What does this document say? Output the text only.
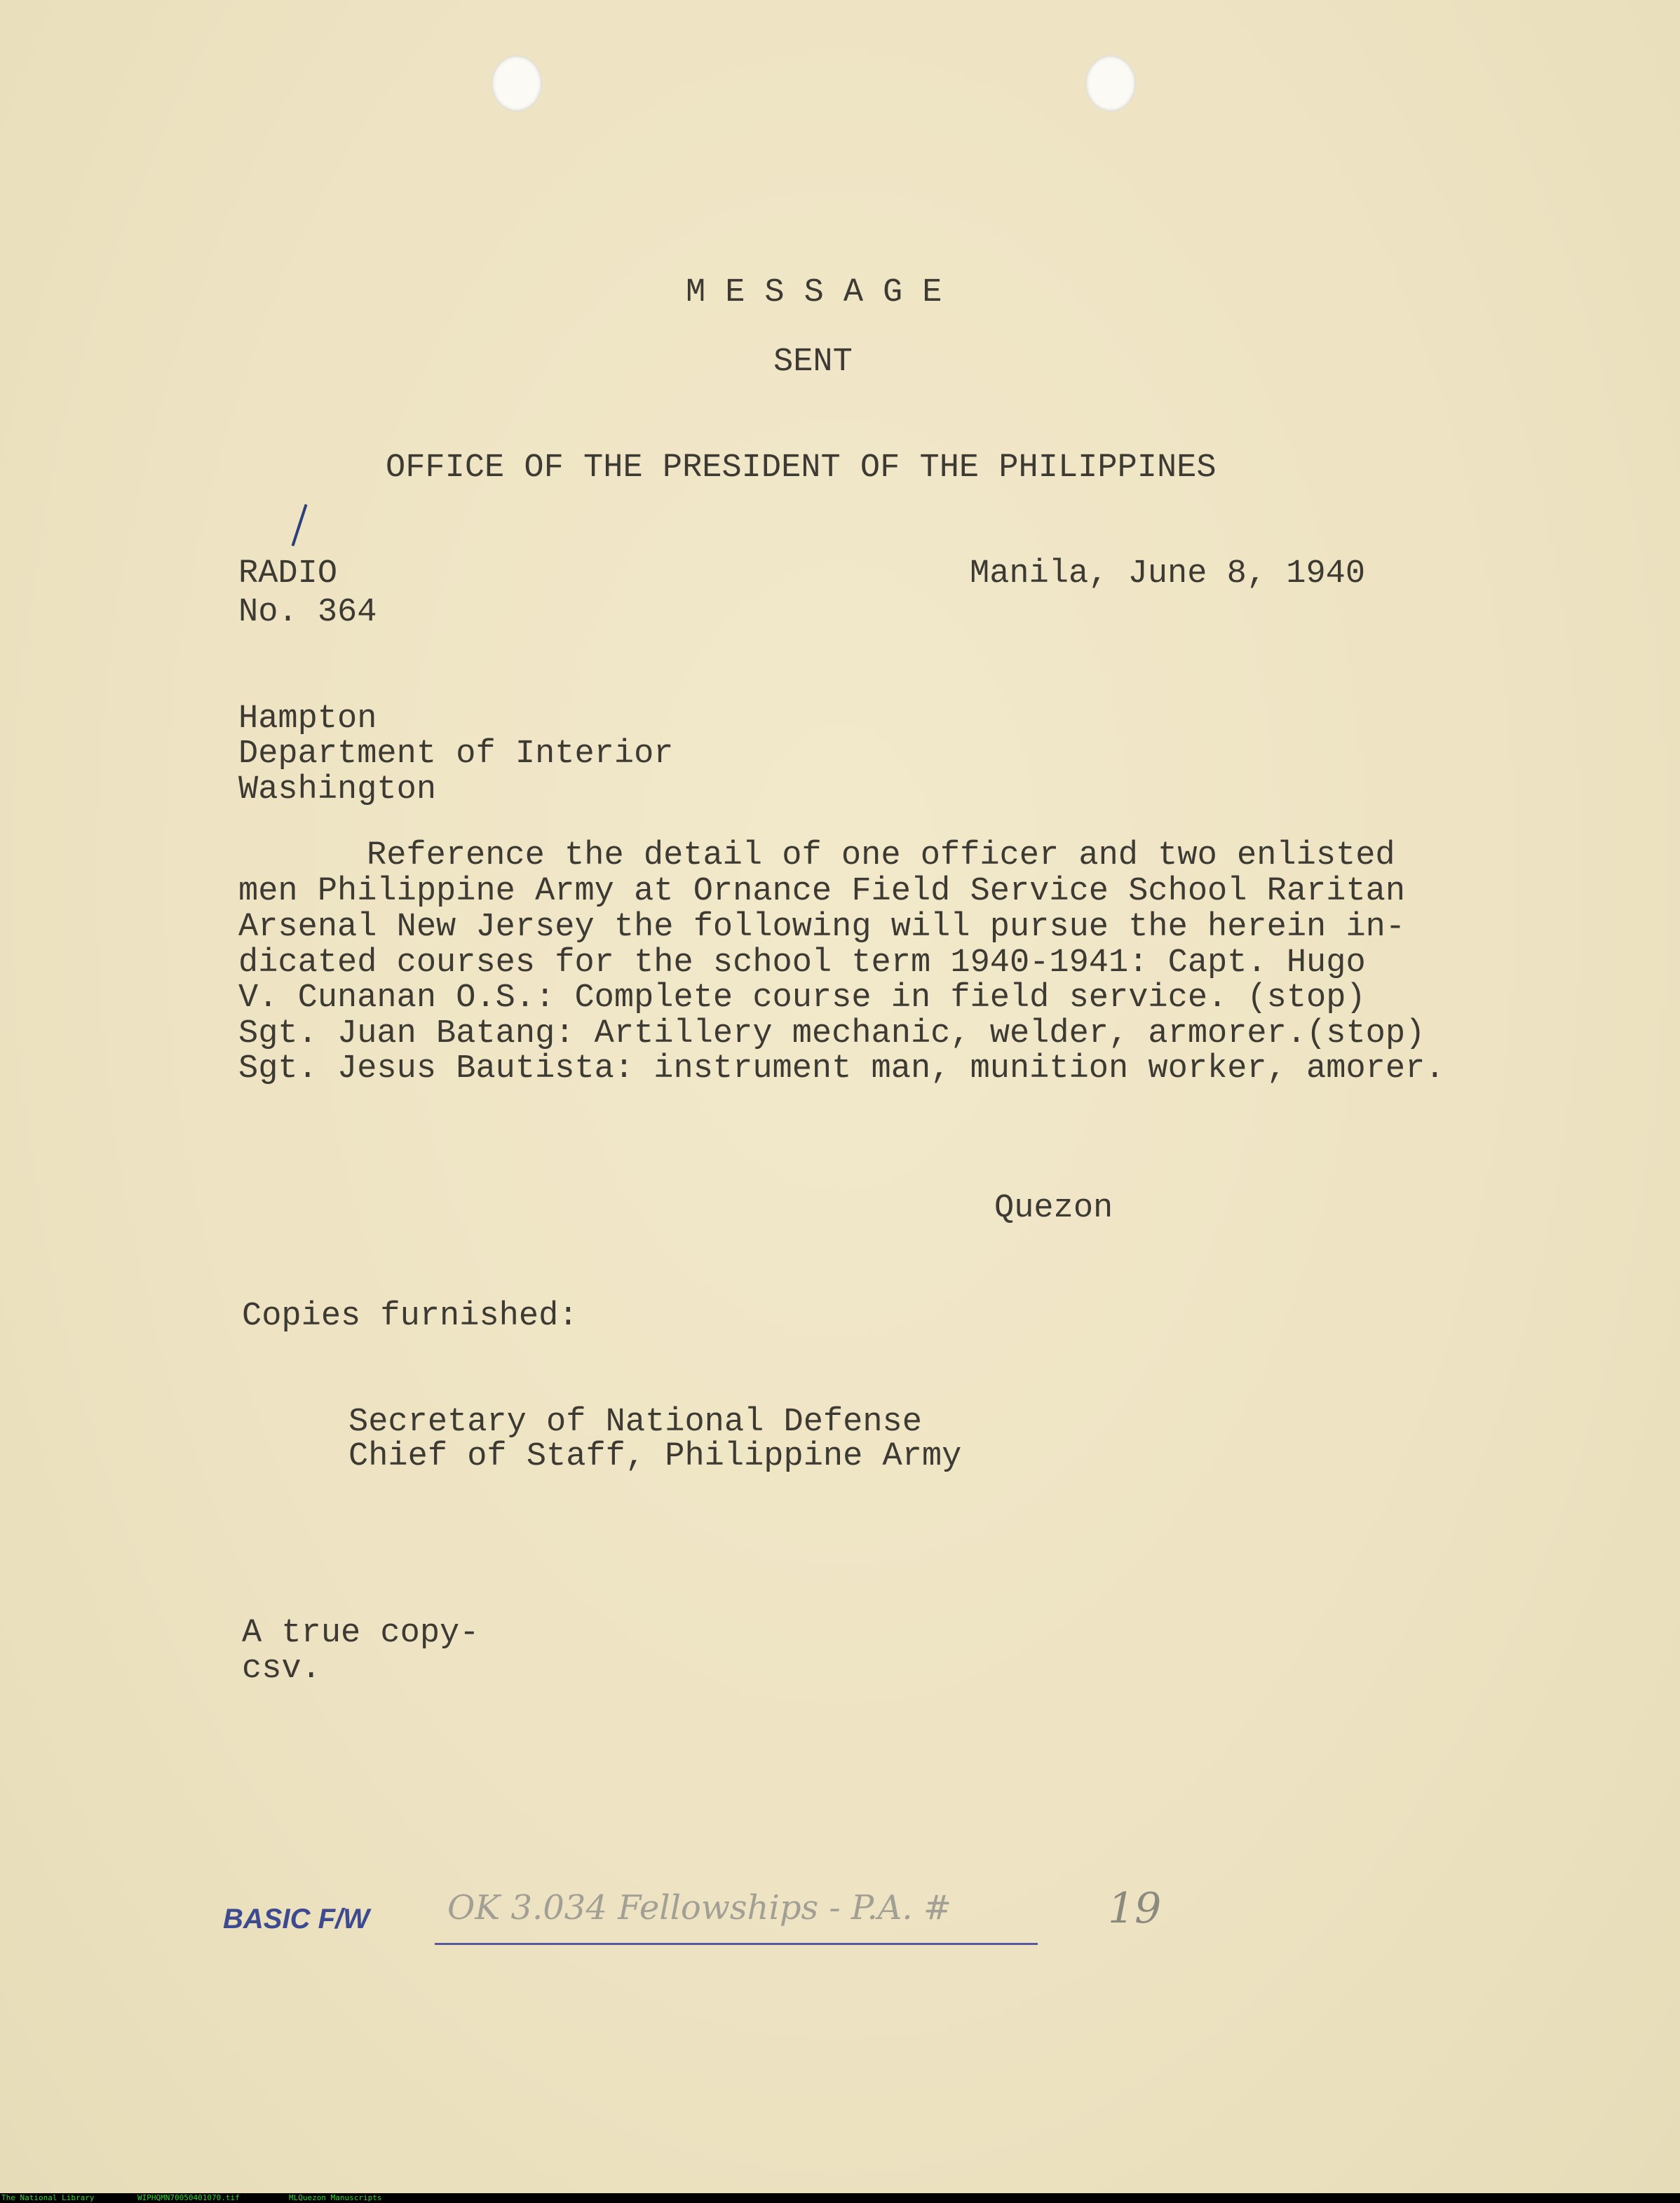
MESSAGE
SENT
OFFICE OF THE PRESIDENT OF THE PHILIPPINES
RADIO
No. 364
Manila, June 8, 1940
Hampton
Department of Interior
Washington
Reference the detail of one officer and two enlisted
men Philippine Army at Ornance Field Service School Raritan
Arsenal New Jersey the following will pursue the herein in-
dicated courses for the school term 1940-1941: Capt. Hugo
V. Cunanan O.S.: Complete course in field service. (stop)
Sgt. Juan Batang: Artillery mechanic, welder, armorer.(stop)
Sgt. Jesus Bautista: instrument man, munition worker, amorer.
Quezon
Copies furnished:
Secretary of National Defense
Chief of Staff, Philippine Army
A true copy-
csv.
BASIC F/W OK 3.034 Fellowships - P.A. #	19
The National Library	WIPHQMN70050401070.tif	MLQuezon Manuscripts
